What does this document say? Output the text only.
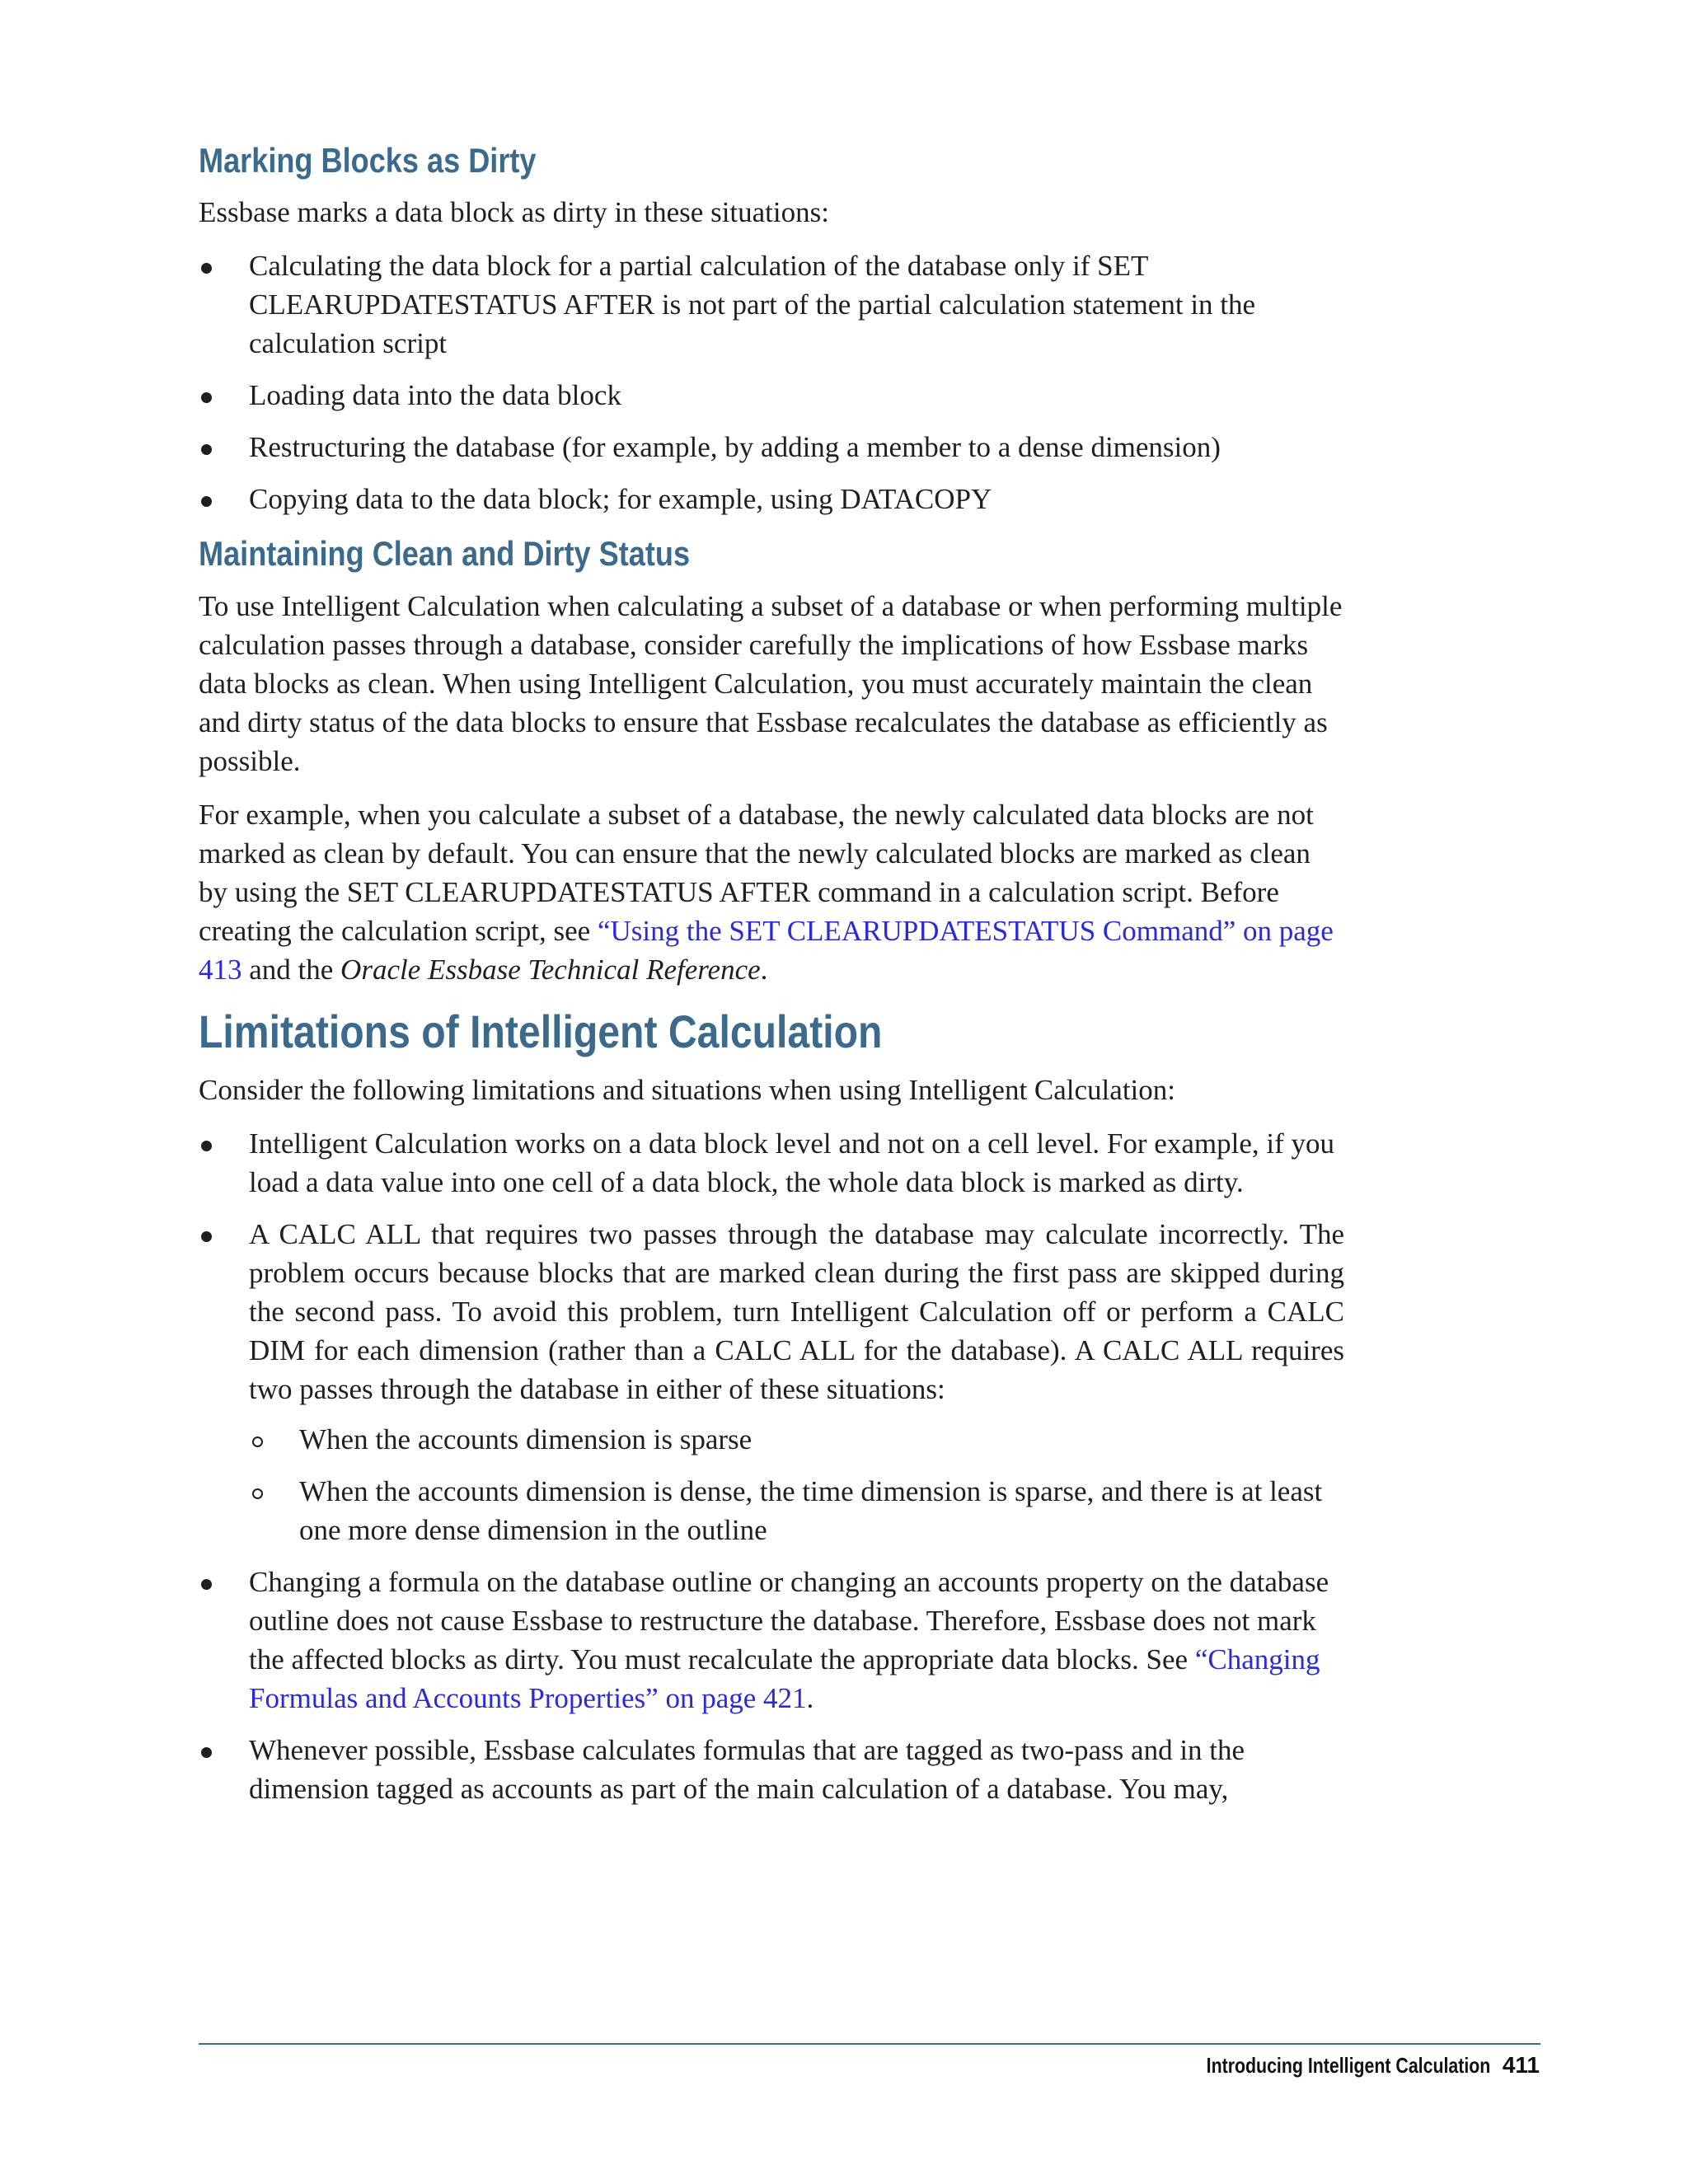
Marking Blocks as Dirty

Essbase marks a data block as dirty in these situations:

Calculating the data block for a partial calculation of the database only if SET CLEARUPDATESTATUS AFTER is not part of the partial calculation statement in the calculation script
Loading data into the data block
Restructuring the database (for example, by adding a member to a dense dimension)
Copying data to the data block; for example, using DATACOPY
Maintaining Clean and Dirty Status

To use Intelligent Calculation when calculating a subset of a database or when performing multiple calculation passes through a database, consider carefully the implications of how Essbase marks data blocks as clean. When using Intelligent Calculation, you must accurately maintain the clean and dirty status of the data blocks to ensure that Essbase recalculates the database as efficiently as possible.

For example, when you calculate a subset of a database, the newly calculated data blocks are not marked as clean by default. You can ensure that the newly calculated blocks are marked as clean by using the SET CLEARUPDATESTATUS AFTER command in a calculation script. Before creating the calculation script, see “Using the SET CLEARUPDATESTATUS Command” on page 413 and the Oracle Essbase Technical Reference.

Limitations of Intelligent Calculation

Consider the following limitations and situations when using Intelligent Calculation:

Intelligent Calculation works on a data block level and not on a cell level. For example, if you load a data value into one cell of a data block, the whole data block is marked as dirty.
A CALC ALL that requires two passes through the database may calculate incorrectly. The problem occurs because blocks that are marked clean during the first pass are skipped during the second pass. To avoid this problem, turn Intelligent Calculation off or perform a CALC DIM for each dimension (rather than a CALC ALL for the database). A CALC ALL requires two passes through the database in either of these situations:
When the accounts dimension is sparse
When the accounts dimension is dense, the time dimension is sparse, and there is at least one more dense dimension in the outline
Changing a formula on the database outline or changing an accounts property on the database outline does not cause Essbase to restructure the database. Therefore, Essbase does not mark the affected blocks as dirty. You must recalculate the appropriate data blocks. See “Changing Formulas and Accounts Properties” on page 421.
Whenever possible, Essbase calculates formulas that are tagged as two-pass and in the dimension tagged as accounts as part of the main calculation of a database. You may,
Introducing Intelligent Calculation 411
